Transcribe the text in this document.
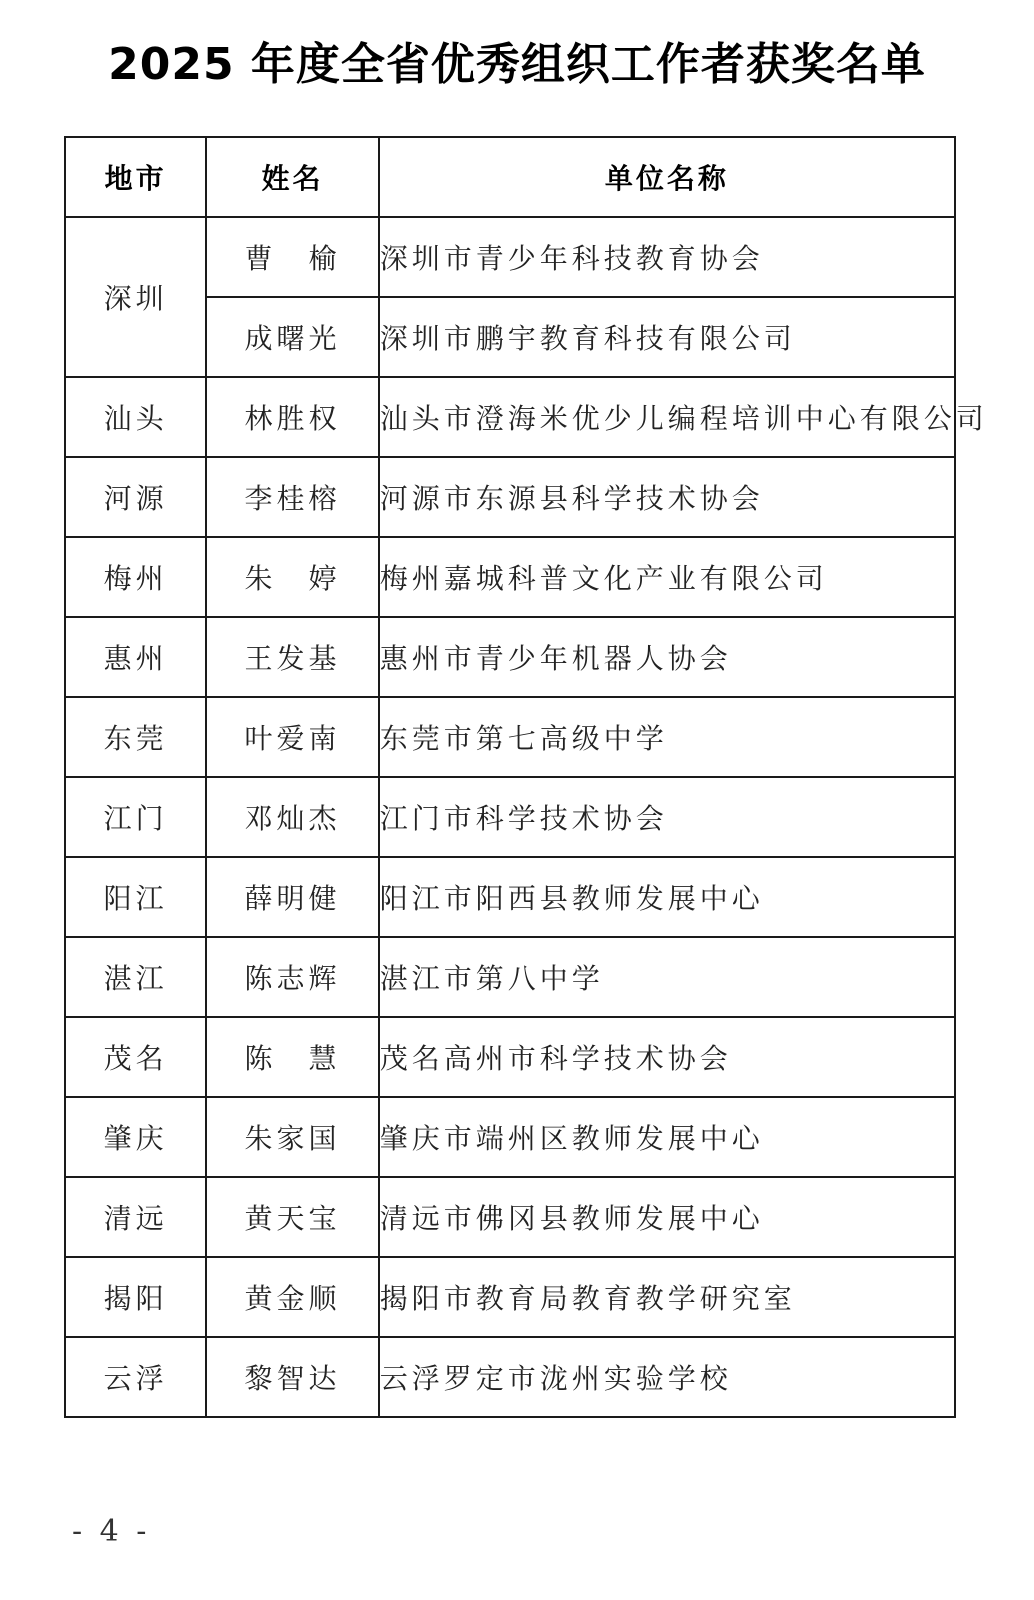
2025 年度全省优秀组织工作者获奖名单
地市	姓名	单位名称
深圳	曹　榆	深圳市青少年科技教育协会
	成曙光	深圳市鹏宇教育科技有限公司
汕头	林胜权	汕头市澄海米优少儿编程培训中心有限公司
河源	李桂榕	河源市东源县科学技术协会
梅州	朱　婷	梅州嘉城科普文化产业有限公司
惠州	王发基	惠州市青少年机器人协会
东莞	叶爱南	东莞市第七高级中学
江门	邓灿杰	江门市科学技术协会
阳江	薛明健	阳江市阳西县教师发展中心
湛江	陈志辉	湛江市第八中学
茂名	陈　慧	茂名高州市科学技术协会
肇庆	朱家国	肇庆市端州区教师发展中心
清远	黄天宝	清远市佛冈县教师发展中心
揭阳	黄金顺	揭阳市教育局教育教学研究室
云浮	黎智达	云浮罗定市泷州实验学校
- 4 -
